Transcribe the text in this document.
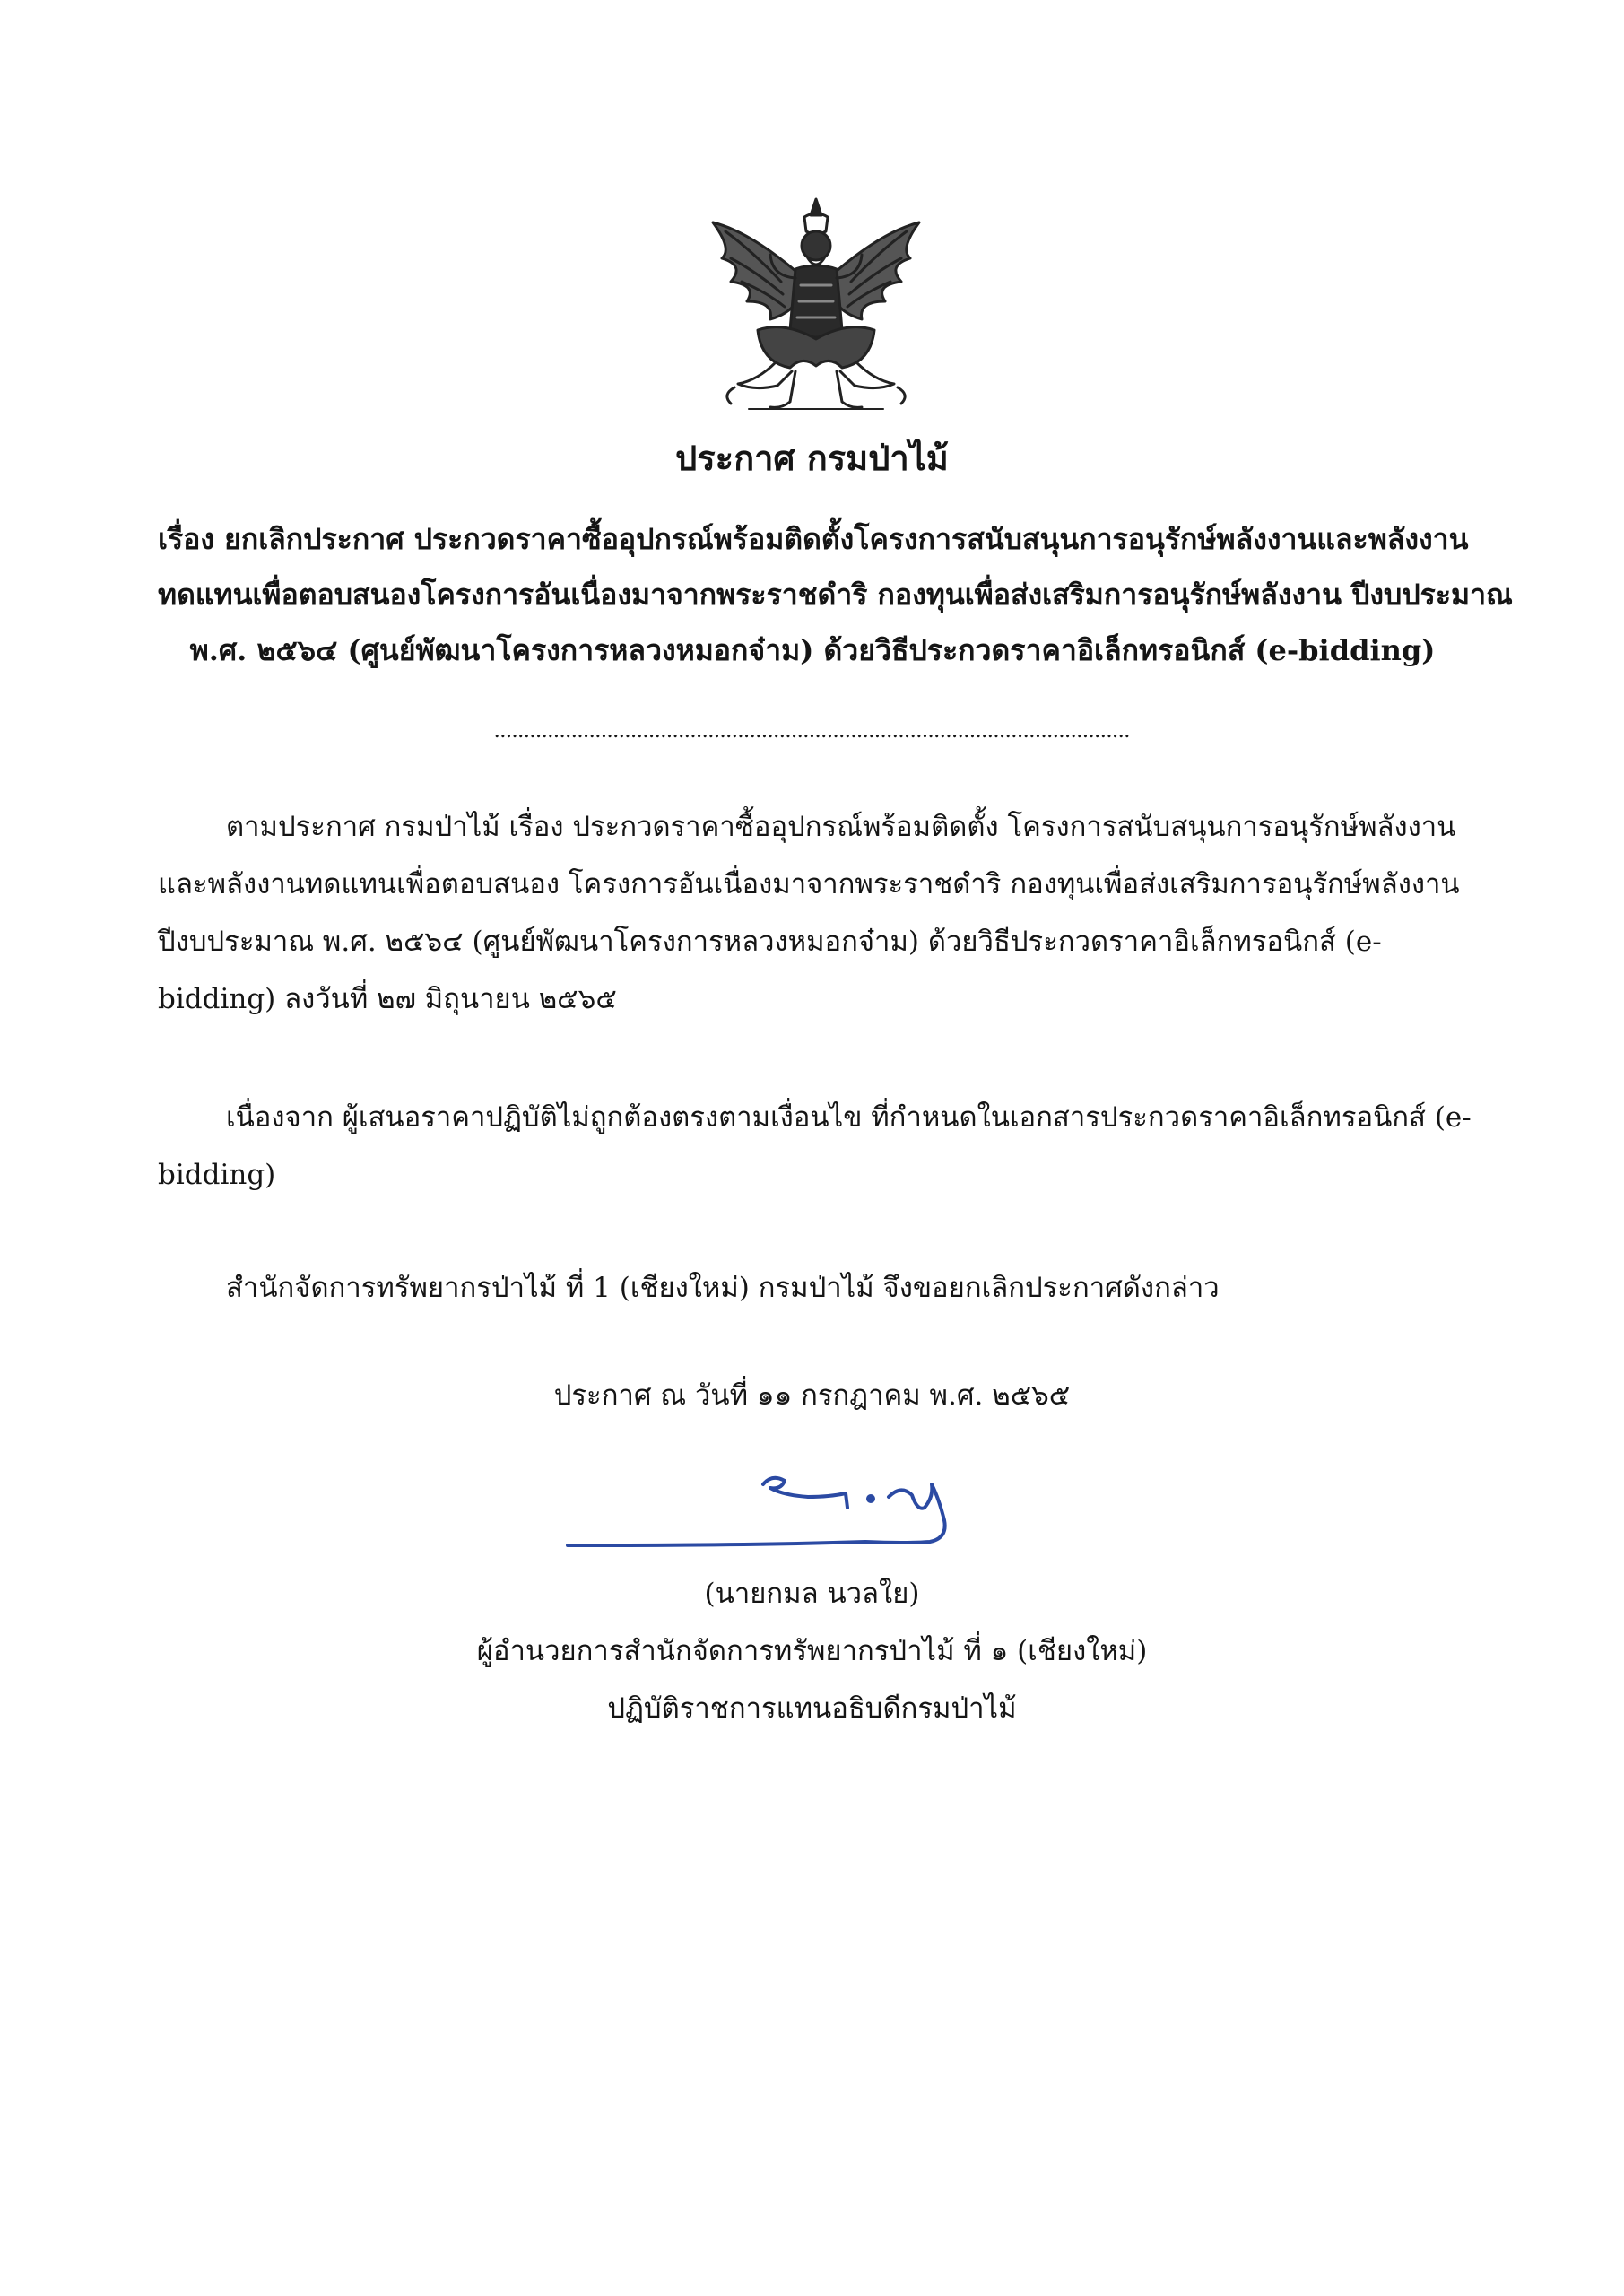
ประกาศ กรมป่าไม้
เรื่อง ยกเลิกประกาศ ประกวดราคาซื้ออุปกรณ์พร้อมติดตั้งโครงการสนับสนุนการอนุรักษ์พลังงานและพลังงาน
ทดแทนเพื่อตอบสนองโครงการอันเนื่องมาจากพระราชดำริ กองทุนเพื่อส่งเสริมการอนุรักษ์พลังงาน ปีงบประมาณ
พ.ศ. ๒๕๖๔ (ศูนย์พัฒนาโครงการหลวงหมอกจ๋าม) ด้วยวิธีประกวดราคาอิเล็กทรอนิกส์ (e-bidding)
...........................................................................................................
ตามประกาศ กรมป่าไม้ เรื่อง ประกวดราคาซื้ออุปกรณ์พร้อมติดตั้ง โครงการสนับสนุนการอนุรักษ์พลังงาน
และพลังงานทดแทนเพื่อตอบสนอง โครงการอันเนื่องมาจากพระราชดำริ กองทุนเพื่อส่งเสริมการอนุรักษ์พลังงาน
ปีงบประมาณ พ.ศ. ๒๕๖๔ (ศูนย์พัฒนาโครงการหลวงหมอกจ๋าม) ด้วยวิธีประกวดราคาอิเล็กทรอนิกส์ (e-
bidding) ลงวันที่ ๒๗ มิถุนายน ๒๕๖๕
เนื่องจาก ผู้เสนอราคาปฏิบัติไม่ถูกต้องตรงตามเงื่อนไข ที่กำหนดในเอกสารประกวดราคาอิเล็กทรอนิกส์ (e-
bidding)
สำนักจัดการทรัพยากรป่าไม้ ที่ 1 (เชียงใหม่) กรมป่าไม้ จึงขอยกเลิกประกาศดังกล่าว
ประกาศ ณ วันที่ ๑๑ กรกฎาคม พ.ศ. ๒๕๖๕
(นายกมล นวลใย)
ผู้อำนวยการสำนักจัดการทรัพยากรป่าไม้ ที่ ๑ (เชียงใหม่)
ปฏิบัติราชการแทนอธิบดีกรมป่าไม้
